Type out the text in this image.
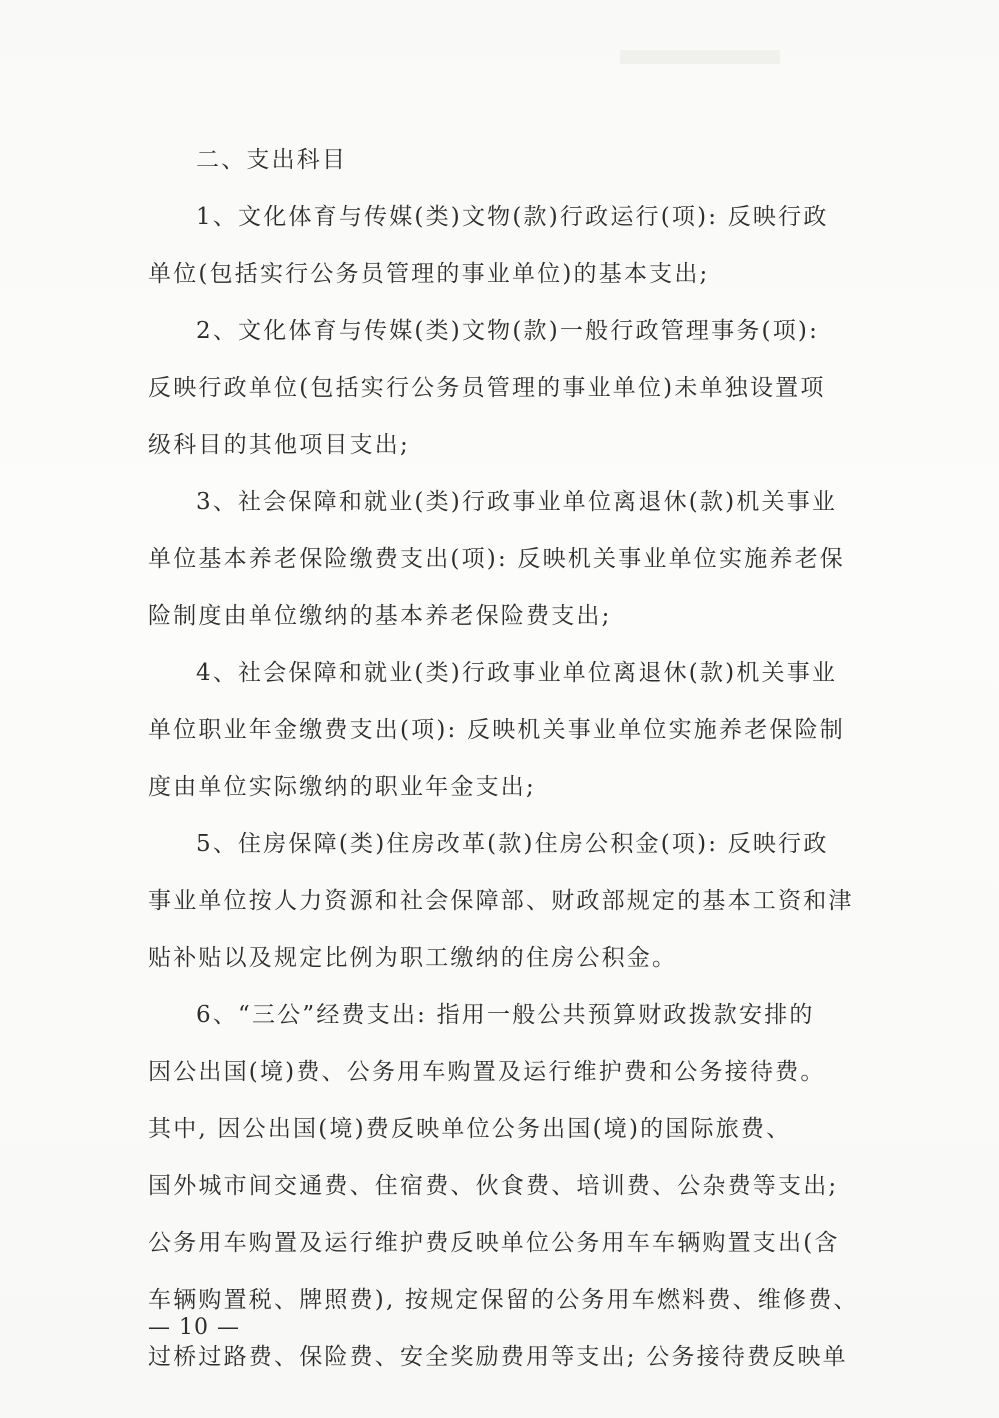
二、支出科目
1、文化体育与传媒(类)文物(款)行政运行(项): 反映行政
单位(包括实行公务员管理的事业单位)的基本支出;
2、文化体育与传媒(类)文物(款)一般行政管理事务(项):
反映行政单位(包括实行公务员管理的事业单位)未单独设置项
级科目的其他项目支出;
3、社会保障和就业(类)行政事业单位离退休(款)机关事业
单位基本养老保险缴费支出(项): 反映机关事业单位实施养老保
险制度由单位缴纳的基本养老保险费支出;
4、社会保障和就业(类)行政事业单位离退休(款)机关事业
单位职业年金缴费支出(项): 反映机关事业单位实施养老保险制
度由单位实际缴纳的职业年金支出;
5、住房保障(类)住房改革(款)住房公积金(项): 反映行政
事业单位按人力资源和社会保障部、财政部规定的基本工资和津
贴补贴以及规定比例为职工缴纳的住房公积金。
6、“三公”经费支出: 指用一般公共预算财政拨款安排的
因公出国(境)费、公务用车购置及运行维护费和公务接待费。
其中, 因公出国(境)费反映单位公务出国(境)的国际旅费、
国外城市间交通费、住宿费、伙食费、培训费、公杂费等支出;
公务用车购置及运行维护费反映单位公务用车车辆购置支出(含
车辆购置税、牌照费), 按规定保留的公务用车燃料费、维修费、
过桥过路费、保险费、安全奖励费用等支出; 公务接待费反映单
— 10 —
